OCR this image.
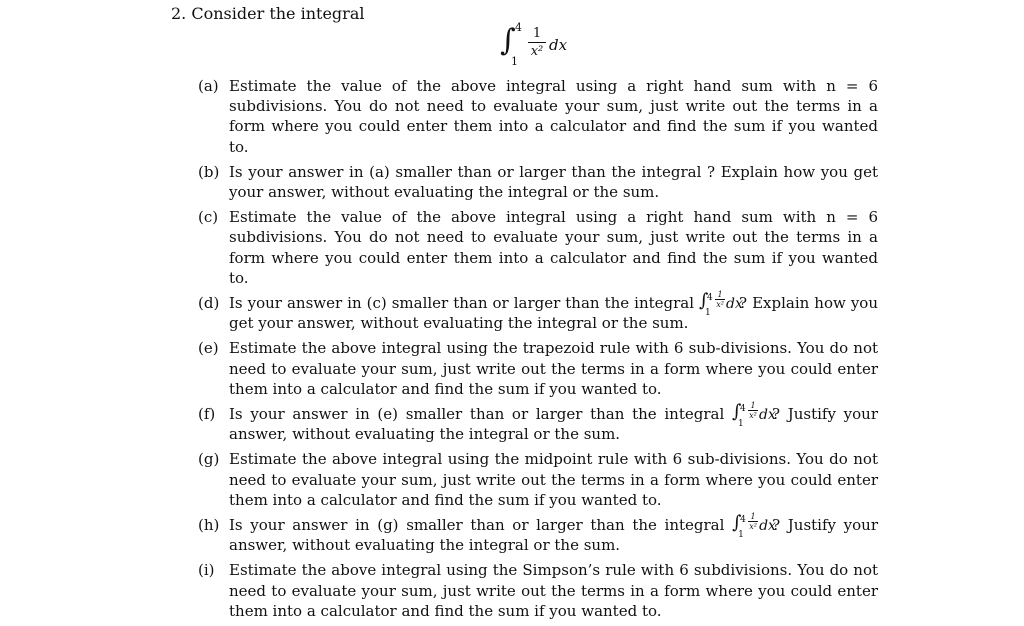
2. Consider the integral
∫ 4
1
1
x² dx
(a) Estimate the value of the above integral using a right hand sum with n = 6 subdivisions. You do not need to evaluate your sum, just write out the terms in a form where you could enter them into a calculator and find the sum if you wanted to.
(b) Is your answer in (a) smaller than or larger than the integral ? Explain how you get your answer, without evaluating the integral or the sum.
(c) Estimate the value of the above integral using a right hand sum with n = 6 subdivisions. You do not need to evaluate your sum, just write out the terms in a form where you could enter them into a calculator and find the sum if you wanted to.
(d) Is your answer in (c) smaller than or larger than the integral ∫
4
1
1
x² dx
? Explain how you get your answer, without evaluating the integral or the sum.
(e) Estimate the above integral using the trapezoid rule with 6 sub-divisions. You do not need to evaluate your sum, just write out the terms in a form where you could enter them into a calculator and find the sum if you wanted to.
(f) Is your answer in (e) smaller than or larger than the integral ∫
4
1
1
x² dx
? Justify your answer, without evaluating the integral or the sum.
(g) Estimate the above integral using the midpoint rule with 6 sub-divisions. You do not need to evaluate your sum, just write out the terms in a form where you could enter them into a calculator and find the sum if you wanted to.
(h) Is your answer in (g) smaller than or larger than the integral ∫
4
1
1
x² dx
? Justify your answer, without evaluating the integral or the sum.
(i) Estimate the above integral using the Simpson’s rule with 6 subdivisions. You do not need to evaluate your sum, just write out the terms in a form where you could enter them into a calculator and find the sum if you wanted to.
